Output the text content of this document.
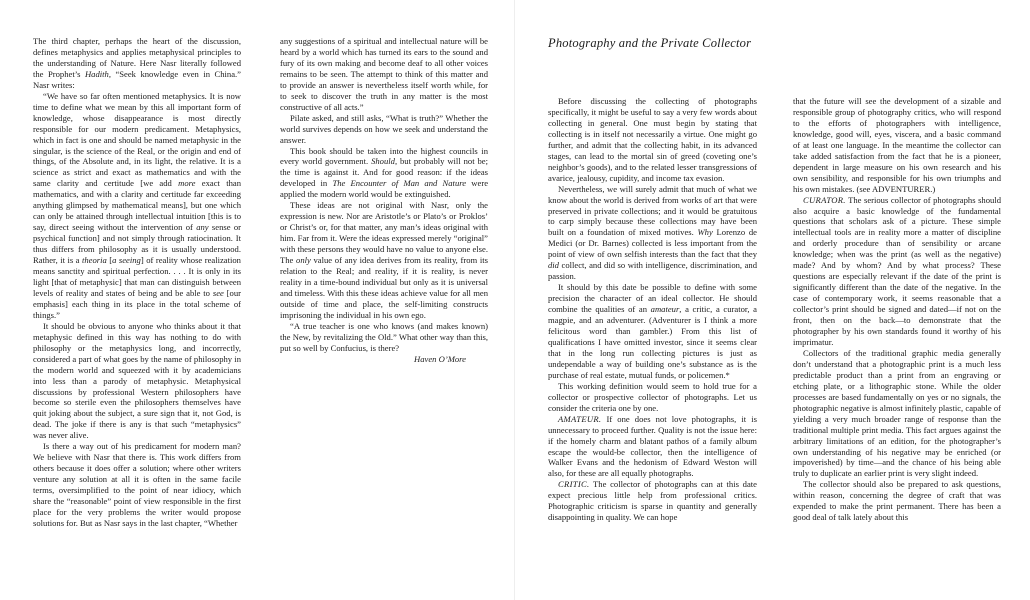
The third chapter, perhaps the heart of the discussion, defines metaphysics and applies metaphysical principles to the understanding of Nature. Here Nasr literally followed the Prophet’s Hadith, “Seek knowledge even in China.” Nasr writes:

“We have so far often mentioned metaphysics. It is now time to define what we mean by this all important form of knowledge, whose disappearance is most directly responsible for our modern predicament. Metaphysics, which in fact is one and should be named metaphysic in the singular, is the science of the Real, or the origin and end of things, of the Absolute and, in its light, the relative. It is a science as strict and exact as mathematics and with the same clarity and certitude [we add more exact than mathematics, and with a clarity and certitude far exceeding anything glimpsed by mathematical means], but one which can only be attained through intellectual intuition [this is to say, direct seeing without the intervention of any sense or psychical function] and not simply through ratiocination. It thus differs from philosophy as it is usually understood. Rather, it is a theoria [a seeing] of reality whose realization means sanctity and spiritual perfection. . . . It is only in its light [that of metaphysic] that man can distinguish between levels of reality and states of being and be able to see [our emphasis] each thing in its place in the total scheme of things.”

It should be obvious to anyone who thinks about it that metaphysic defined in this way has nothing to do with philosophy or the metaphysics long, and incorrectly, considered a part of what goes by the name of philosophy in the modern world and squeezed with it by academicians into less than a parody of metaphysic. Metaphysical discussions by professional Western philosophers have become so sterile even the philosophers themselves have quit joking about the subject, a sure sign that it, not God, is dead. The joke if there is any is that such “metaphysics” was never alive.

Is there a way out of his predicament for modern man? We believe with Nasr that there is. This work differs from others because it does offer a solution; where other writers venture any solution at all it is often in the same facile terms, oversimplified to the point of near idiocy, which share the “reasonable” point of view responsible in the first place for the very problems the writer would propose solutions for. But as Nasr says in the last chapter, “Whether

any suggestions of a spiritual and intellectual nature will be heard by a world which has turned its ears to the sound and fury of its own making and become deaf to all other voices remains to be seen. The attempt to think of this matter and to provide an answer is nevertheless itself worth while, for to seek to discover the truth in any matter is the most constructive of all acts.”

Pilate asked, and still asks, “What is truth?” Whether the world survives depends on how we seek and understand the answer.

This book should be taken into the highest councils in every world government. Should, but probably will not be; the time is against it. And for good reason: if the ideas developed in The Encounter of Man and Nature were applied the modern world would be extinguished.

These ideas are not original with Nasr, only the expression is new. Nor are Aristotle’s or Plato’s or Proklos’ or Christ’s or, for that matter, any man’s ideas original with him. Far from it. Were the ideas expressed merely “original” with these persons they would have no value to anyone else. The only value of any idea derives from its reality, from its relation to the Real; and reality, if it is reality, is never reality in a time-bound individual but only as it is universal and timeless. With this these ideas achieve value for all men outside of time and place, the self-limiting constructs imprisoning the individual in his own ego.

“A true teacher is one who knows (and makes known) the New, by revitalizing the Old.” What other way than this, put so well by Confucius, is there?

Haven O’More

Photography and the Private Collector

Before discussing the collecting of photographs specifically, it might be useful to say a very few words about collecting in general. One must begin by stating that collecting is in itself not necessarily a virtue. One might go further, and admit that the collecting habit, in its advanced stages, can lead to the mortal sin of greed (coveting one’s neighbor’s goods), and to the related lesser transgressions of avarice, jealousy, cupidity, and income tax evasion.

Nevertheless, we will surely admit that much of what we know about the world is derived from works of art that were preserved in private collections; and it would be gratuitous to carp simply because these collections may have been built on a foundation of mixed motives. Why Lorenzo de Medici (or Dr. Barnes) collected is less important from the point of view of own selfish interests than the fact that they did collect, and did so with intelligence, discrimination, and passion.

It should by this date be possible to define with some precision the character of an ideal collector. He should combine the qualities of an amateur, a critic, a curator, a magpie, and an adventurer. (Adventurer is I think a more felicitous word than gambler.) From this list of qualifications I have omitted investor, since it seems clear that in the long run collecting pictures is just as undependable a way of building one’s substance as is the purchase of real estate, mutual funds, or policemen.*

This working definition would seem to hold true for a collector or prospective collector of photographs. Let us consider the criteria one by one.

AMATEUR. If one does not love photographs, it is unnecessary to proceed further. Quality is not the issue here: if the homely charm and blatant pathos of a family album escape the would-be collector, then the intelligence of Walker Evans and the hedonism of Edward Weston will also, for these are all equally photographs.

CRITIC. The collector of photographs can at this date expect precious little help from professional critics. Photographic criticism is sparse in quantity and generally disappointing in quality. We can hope

that the future will see the development of a sizable and responsible group of photography critics, who will respond to the efforts of photographers with intelligence, knowledge, good will, eyes, viscera, and a basic command of at least one language. In the meantime the collector can take added satisfaction from the fact that he is a pioneer, dependent in large measure on his own research and his own sensibility, and responsible for his own triumphs and his own mistakes. (see ADVENTURER.)

CURATOR. The serious collector of photographs should also acquire a basic knowledge of the fundamental questions that scholars ask of a picture. These simple intellectual tools are in reality more a matter of discipline and orderly procedure than of sensibility or arcane knowledge; when was the print (as well as the negative) made? And by whom? And by what process? These questions are especially relevant if the date of the print is significantly different than the date of the negative. In the case of contemporary work, it seems reasonable that a collector’s print should be signed and dated—if not on the front, then on the back—to demonstrate that the photographer by his own standards found it worthy of his imprimatur.

Collectors of the traditional graphic media generally don’t understand that a photographic print is a much less predictable product than a print from an engraving or etching plate, or a lithographic stone. While the older processes are based fundamentally on yes or no signals, the photographic negative is almost infinitely plastic, capable of yielding a very much broader range of response than the traditional multiple print media. This fact argues against the arbitrary limitations of an edition, for the photographer’s own understanding of his negative may be enriched (or impoverished) by time—and the chance of his being able truly to duplicate an earlier print is very slight indeed.

The collector should also be prepared to ask questions, within reason, concerning the degree of craft that was expended to make the print permanent. There has been a good deal of talk lately about this
